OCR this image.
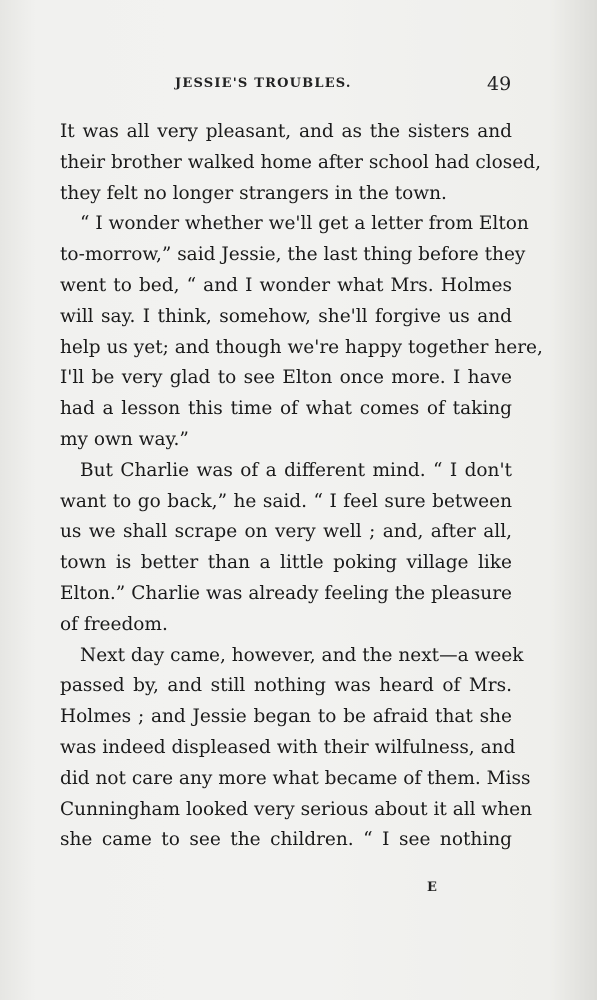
JESSIE'S TROUBLES.	49
It was all very pleasant, and as the sisters and
their brother walked home after school had closed,
they felt no longer strangers in the town.
“ I wonder whether we'll get a letter from Elton
to-morrow,” said Jessie, the last thing before they
went to bed, “ and I wonder what Mrs. Holmes
will say. I think, somehow, she'll forgive us and
help us yet; and though we're happy together here,
I'll be very glad to see Elton once more. I have
had a lesson this time of what comes of taking
my own way.”
But Charlie was of a different mind. “ I don't
want to go back,” he said. “ I feel sure between
us we shall scrape on very well ; and, after all,
town is better than a little poking village like
Elton.” Charlie was already feeling the pleasure
of freedom.
Next day came, however, and the next—a week
passed by, and still nothing was heard of Mrs.
Holmes ; and Jessie began to be afraid that she
was indeed displeased with their wilfulness, and
did not care any more what became of them. Miss
Cunningham looked very serious about it all when
she came to see the children. “ I see nothing
E
